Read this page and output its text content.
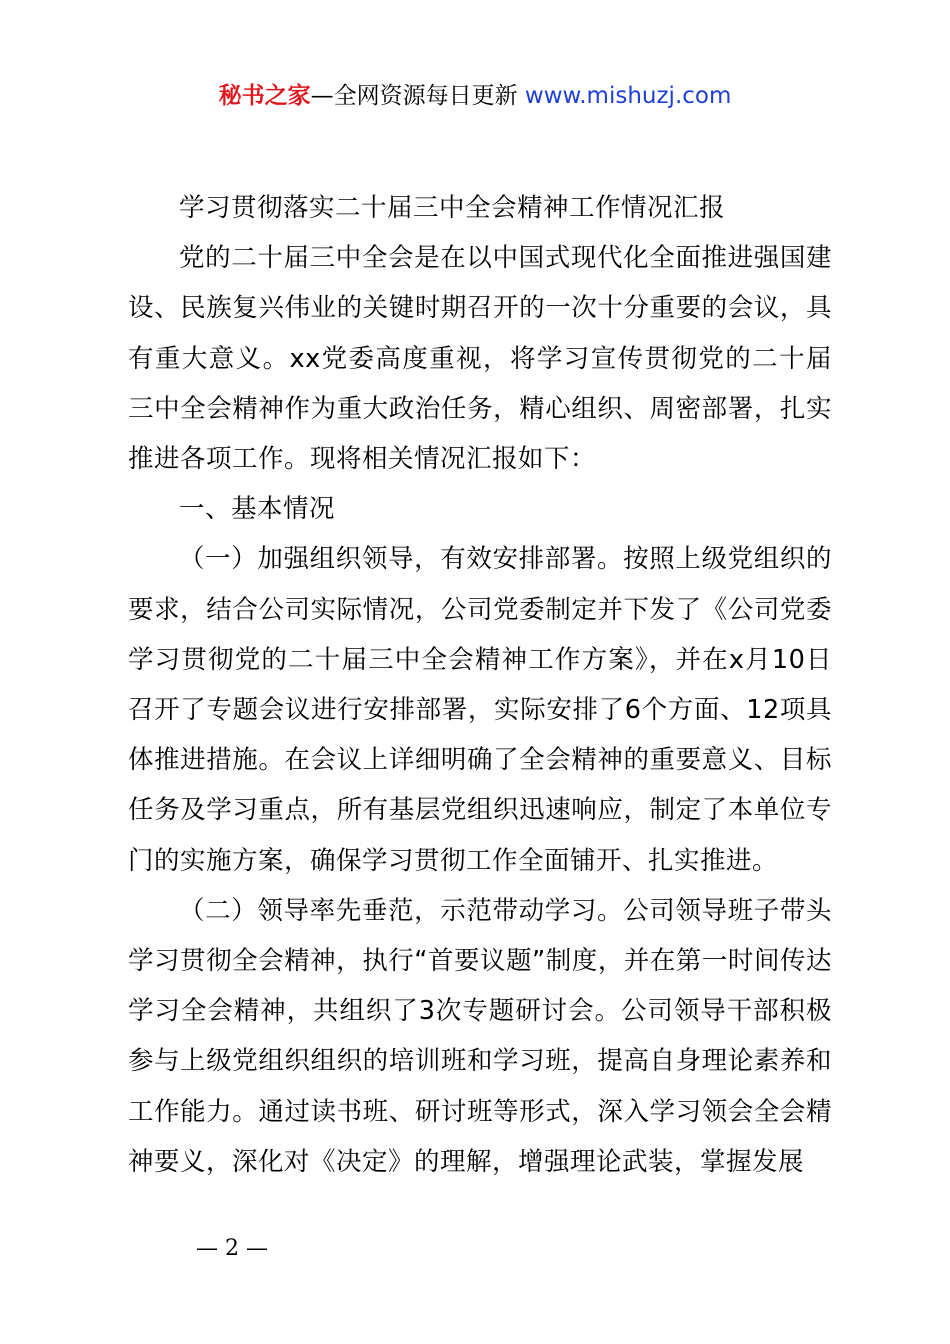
秘书之家—全网资源每日更新 www.mishuzj.com

学习贯彻落实二十届三中全会精神工作情况汇报

党的二十届三中全会是在以中国式现代化全面推进强国建设、民族复兴伟业的关键时期召开的一次十分重要的会议，具有重大意义。xx党委高度重视，将学习宣传贯彻党的二十届三中全会精神作为重大政治任务，精心组织、周密部署，扎实推进各项工作。现将相关情况汇报如下：

一、基本情况

（一）加强组织领导，有效安排部署。按照上级党组织的要求，结合公司实际情况，公司党委制定并下发了《公司党委学习贯彻党的二十届三中全会精神工作方案》，并在x月10日召开了专题会议进行安排部署，实际安排了6个方面、12项具体推进措施。在会议上详细明确了全会精神的重要意义、目标任务及学习重点，所有基层党组织迅速响应，制定了本单位专门的实施方案，确保学习贯彻工作全面铺开、扎实推进。

（二）领导率先垂范，示范带动学习。公司领导班子带头学习贯彻全会精神，执行“首要议题”制度，并在第一时间传达学习全会精神，共组织了3次专题研讨会。公司领导干部积极参与上级党组织组织的培训班和学习班，提高自身理论素养和工作能力。通过读书班、研讨班等形式，深入学习领会全会精神要义，深化对《决定》的理解，增强理论武装，掌握发展

— 2 —
